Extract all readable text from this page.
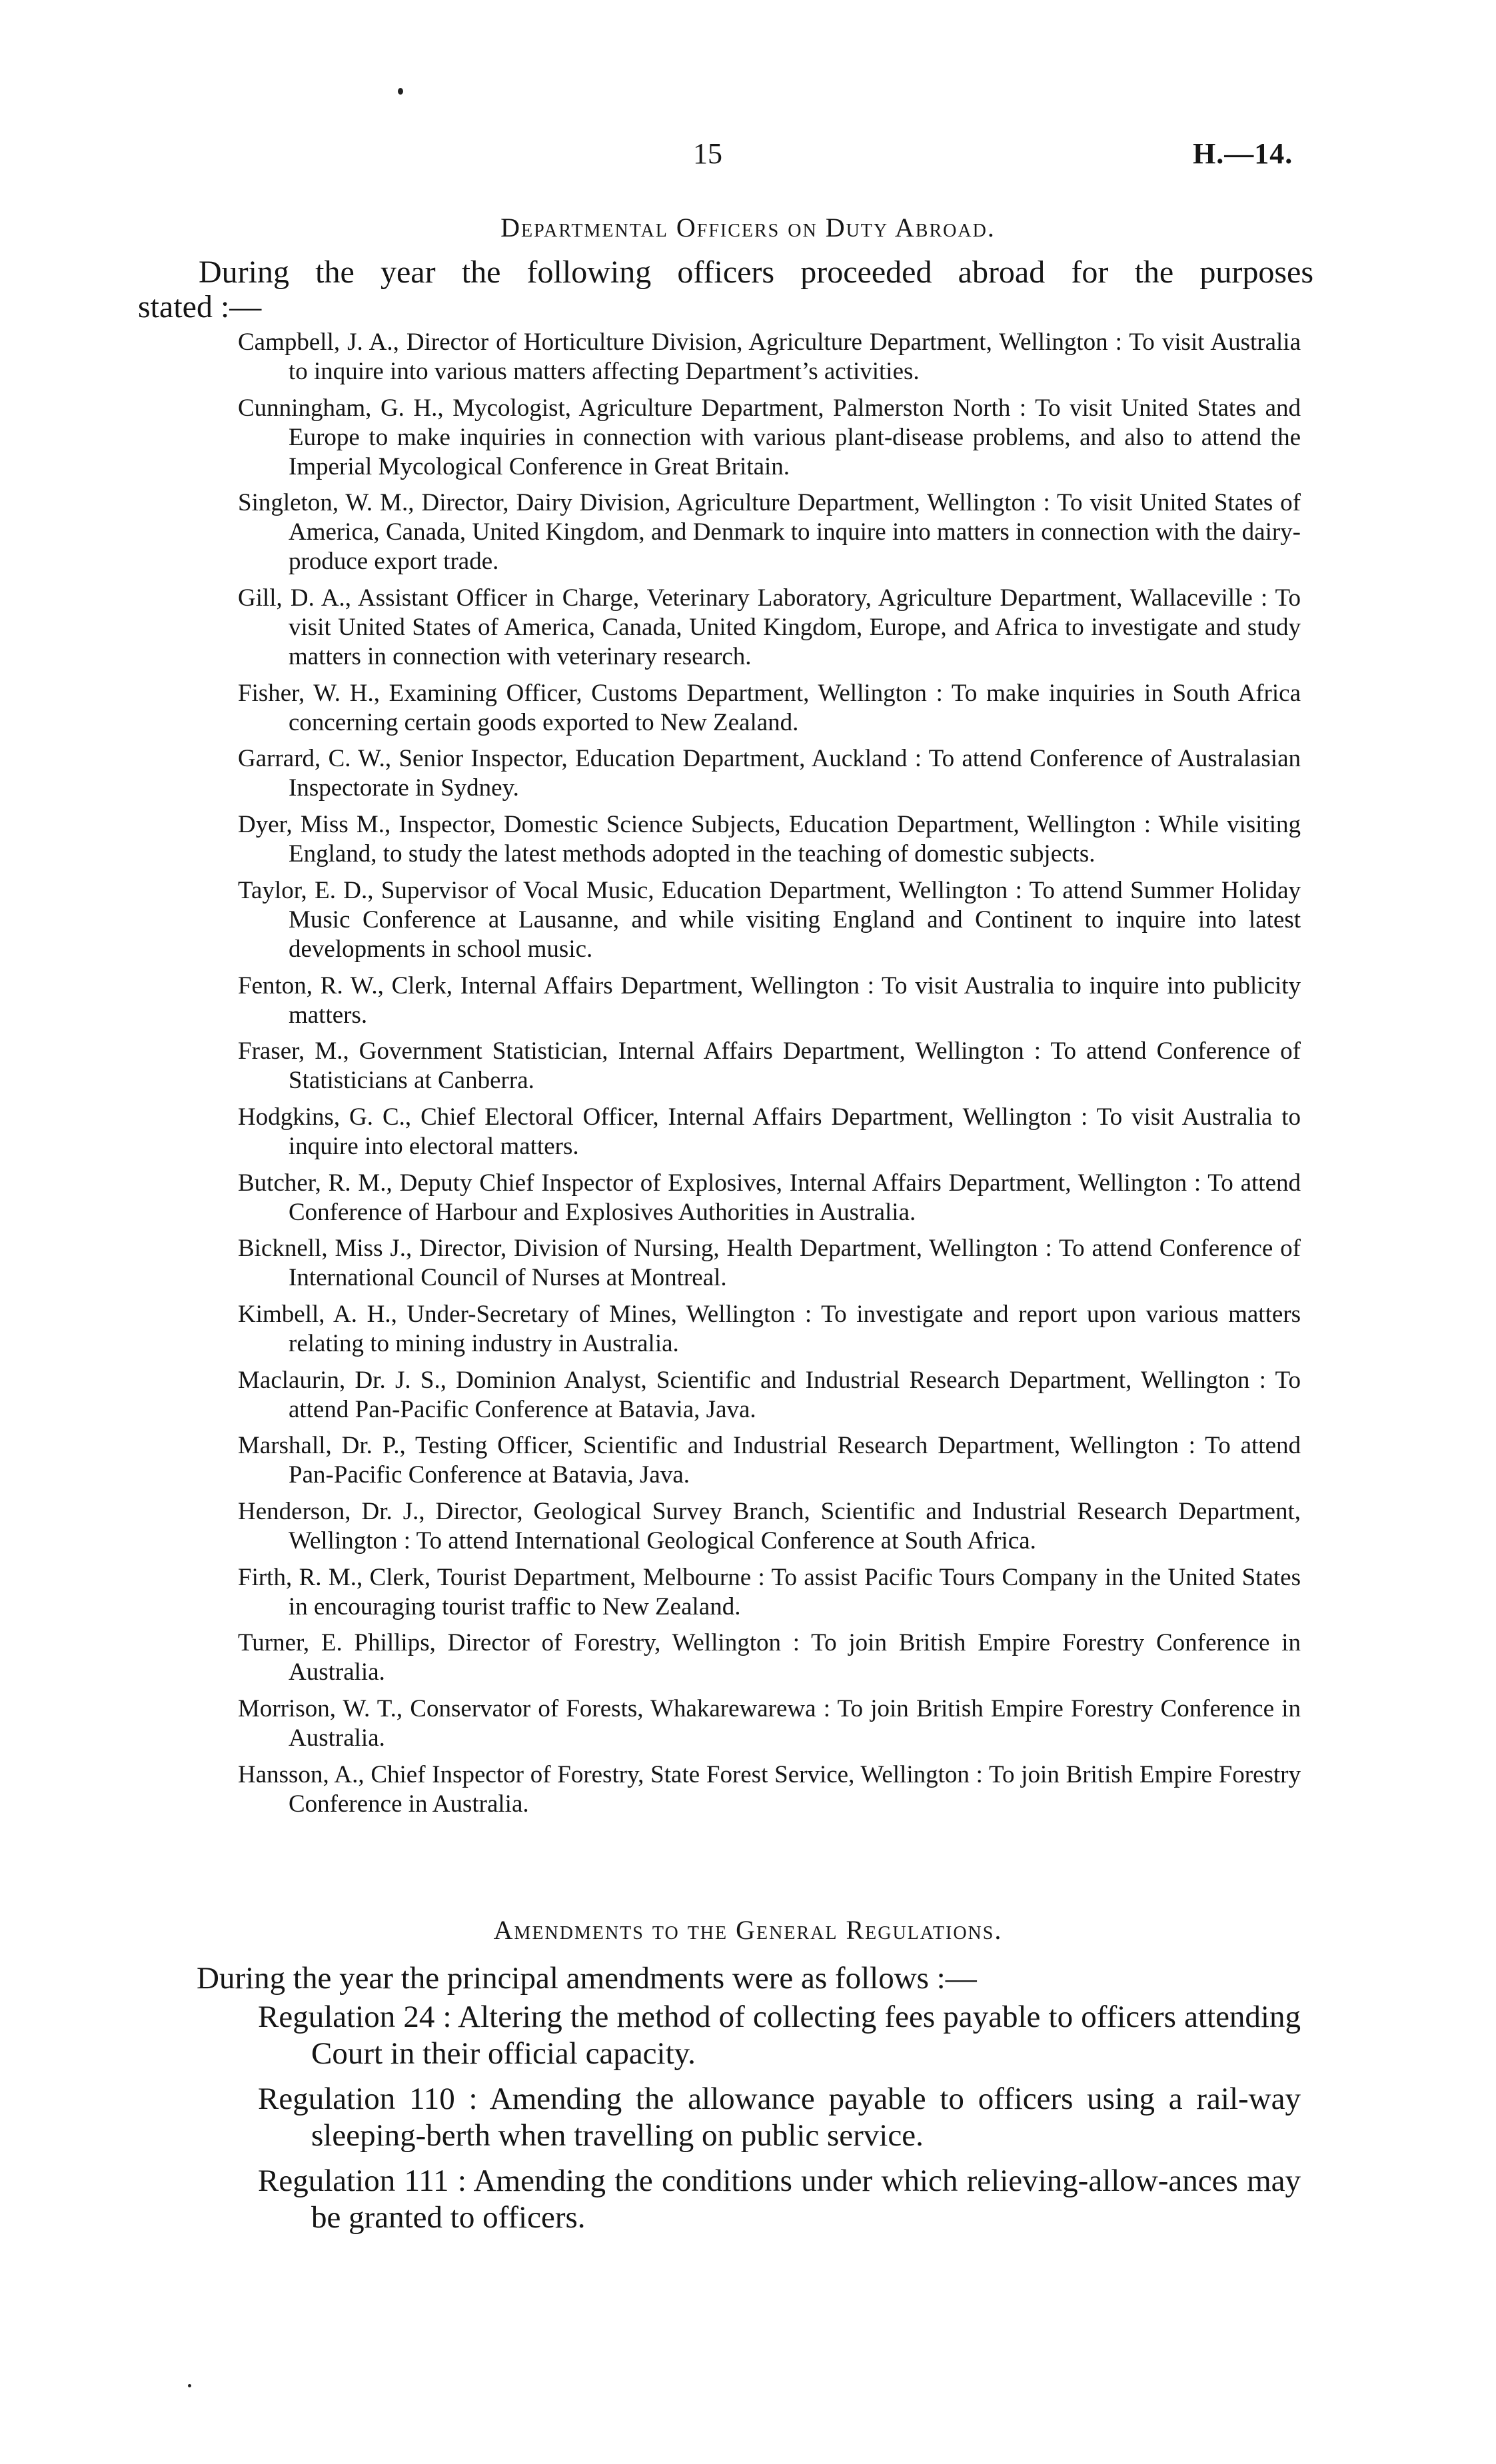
15	H.—14.
Departmental Officers on Duty Abroad.
During the year the following officers proceeded abroad for the purposes
stated :—

Campbell, J. A., Director of Horticulture Division, Agriculture Department, Wellington : To visit Australia to inquire into various matters affecting Department’s activities.

Cunningham, G. H., Mycologist, Agriculture Department, Palmerston North : To visit United States and Europe to make inquiries in connection with various plant-disease problems, and also to attend the Imperial Mycological Conference in Great Britain.

Singleton, W. M., Director, Dairy Division, Agriculture Department, Wellington : To visit United States of America, Canada, United Kingdom, and Denmark to inquire into matters in connection with the dairy-produce export trade.

Gill, D. A., Assistant Officer in Charge, Veterinary Laboratory, Agriculture Department, Wallaceville : To visit United States of America, Canada, United Kingdom, Europe, and Africa to investigate and study matters in connection with veterinary research.

Fisher, W. H., Examining Officer, Customs Department, Wellington : To make inquiries in South Africa concerning certain goods exported to New Zealand.

Garrard, C. W., Senior Inspector, Education Department, Auckland : To attend Conference of Australasian Inspectorate in Sydney.

Dyer, Miss M., Inspector, Domestic Science Subjects, Education Department, Wellington : While visiting England, to study the latest methods adopted in the teaching of domestic subjects.

Taylor, E. D., Supervisor of Vocal Music, Education Department, Wellington : To attend Summer Holiday Music Conference at Lausanne, and while visiting England and Continent to inquire into latest developments in school music.

Fenton, R. W., Clerk, Internal Affairs Department, Wellington : To visit Australia to inquire into publicity matters.

Fraser, M., Government Statistician, Internal Affairs Department, Wellington : To attend Conference of Statisticians at Canberra.

Hodgkins, G. C., Chief Electoral Officer, Internal Affairs Department, Wellington : To visit Australia to inquire into electoral matters.

Butcher, R. M., Deputy Chief Inspector of Explosives, Internal Affairs Department, Wellington : To attend Conference of Harbour and Explosives Authorities in Australia.

Bicknell, Miss J., Director, Division of Nursing, Health Department, Wellington : To attend Conference of International Council of Nurses at Montreal.

Kimbell, A. H., Under-Secretary of Mines, Wellington : To investigate and report upon various matters relating to mining industry in Australia.

Maclaurin, Dr. J. S., Dominion Analyst, Scientific and Industrial Research Department, Wellington : To attend Pan-Pacific Conference at Batavia, Java.

Marshall, Dr. P., Testing Officer, Scientific and Industrial Research Department, Wellington : To attend Pan-Pacific Conference at Batavia, Java.

Henderson, Dr. J., Director, Geological Survey Branch, Scientific and Industrial Research Department, Wellington : To attend International Geological Conference at South Africa.

Firth, R. M., Clerk, Tourist Department, Melbourne : To assist Pacific Tours Company in the United States in encouraging tourist traffic to New Zealand.

Turner, E. Phillips, Director of Forestry, Wellington : To join British Empire Forestry Conference in Australia.

Morrison, W. T., Conservator of Forests, Whakarewarewa : To join British Empire Forestry Conference in Australia.

Hansson, A., Chief Inspector of Forestry, State Forest Service, Wellington : To join British Empire Forestry Conference in Australia.

Amendments to the General Regulations.
During the year the principal amendments were as follows :—

Regulation 24 : Altering the method of collecting fees payable to officers attending Court in their official capacity.

Regulation 110 : Amending the allowance payable to officers using a rail-way sleeping-berth when travelling on public service.

Regulation 111 : Amending the conditions under which relieving-allow-ances may be granted to officers.
